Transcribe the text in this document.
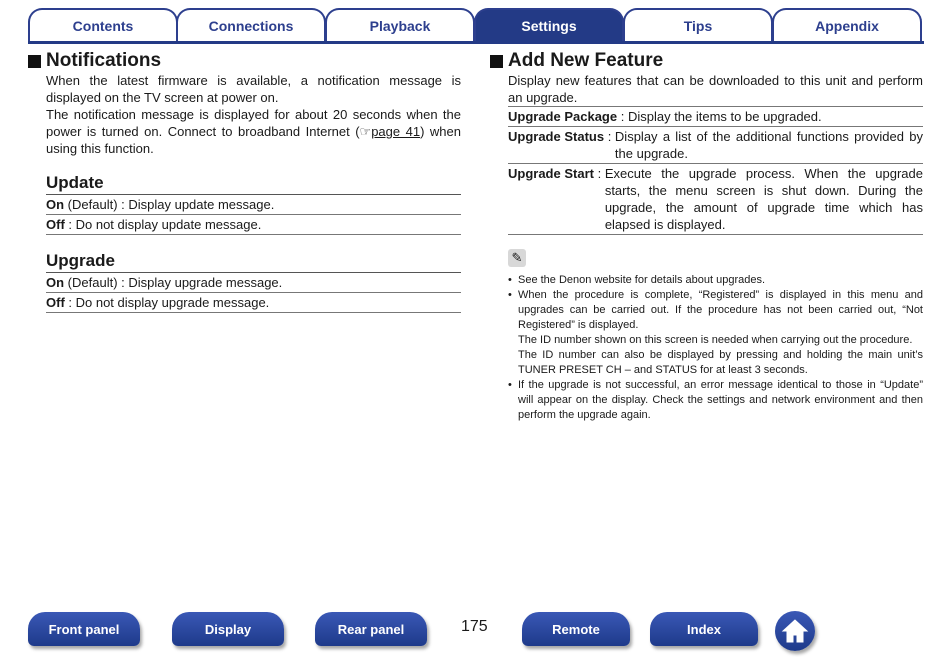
Contents	Connections	Playback	Settings	Tips	Appendix
Notifications
When the latest firmware is available, a notification message is displayed on the TV screen at power on.
The notification message is displayed for about 20 seconds when the power is turned on. Connect to broadband Internet (☞page 41) when using this function.
Update
On (Default) : Display update message.
Off : Do not display update message.
Upgrade
On (Default) : Display upgrade message.
Off : Do not display upgrade message.
Add New Feature
Display new features that can be downloaded to this unit and perform an upgrade.
Upgrade Package : Display the items to be upgraded.
Upgrade Status : Display a list of the additional functions provided by the upgrade.
Upgrade Start : Execute the upgrade process. When the upgrade starts, the menu screen is shut down. During the upgrade, the amount of upgrade time which has elapsed is displayed.
✎
• See the Denon website for details about upgrades.
• When the procedure is complete, “Registered” is displayed in this menu and upgrades can be carried out. If the procedure has not been carried out, “Not Registered” is displayed.
The ID number shown on this screen is needed when carrying out the procedure.
The ID number can also be displayed by pressing and holding the main unit’s TUNER PRESET CH – and STATUS for at least 3 seconds.
• If the upgrade is not successful, an error message identical to those in “Update” will appear on the display. Check the settings and network environment and then perform the upgrade again.
Front panel	Display	Rear panel	175	Remote	Index
